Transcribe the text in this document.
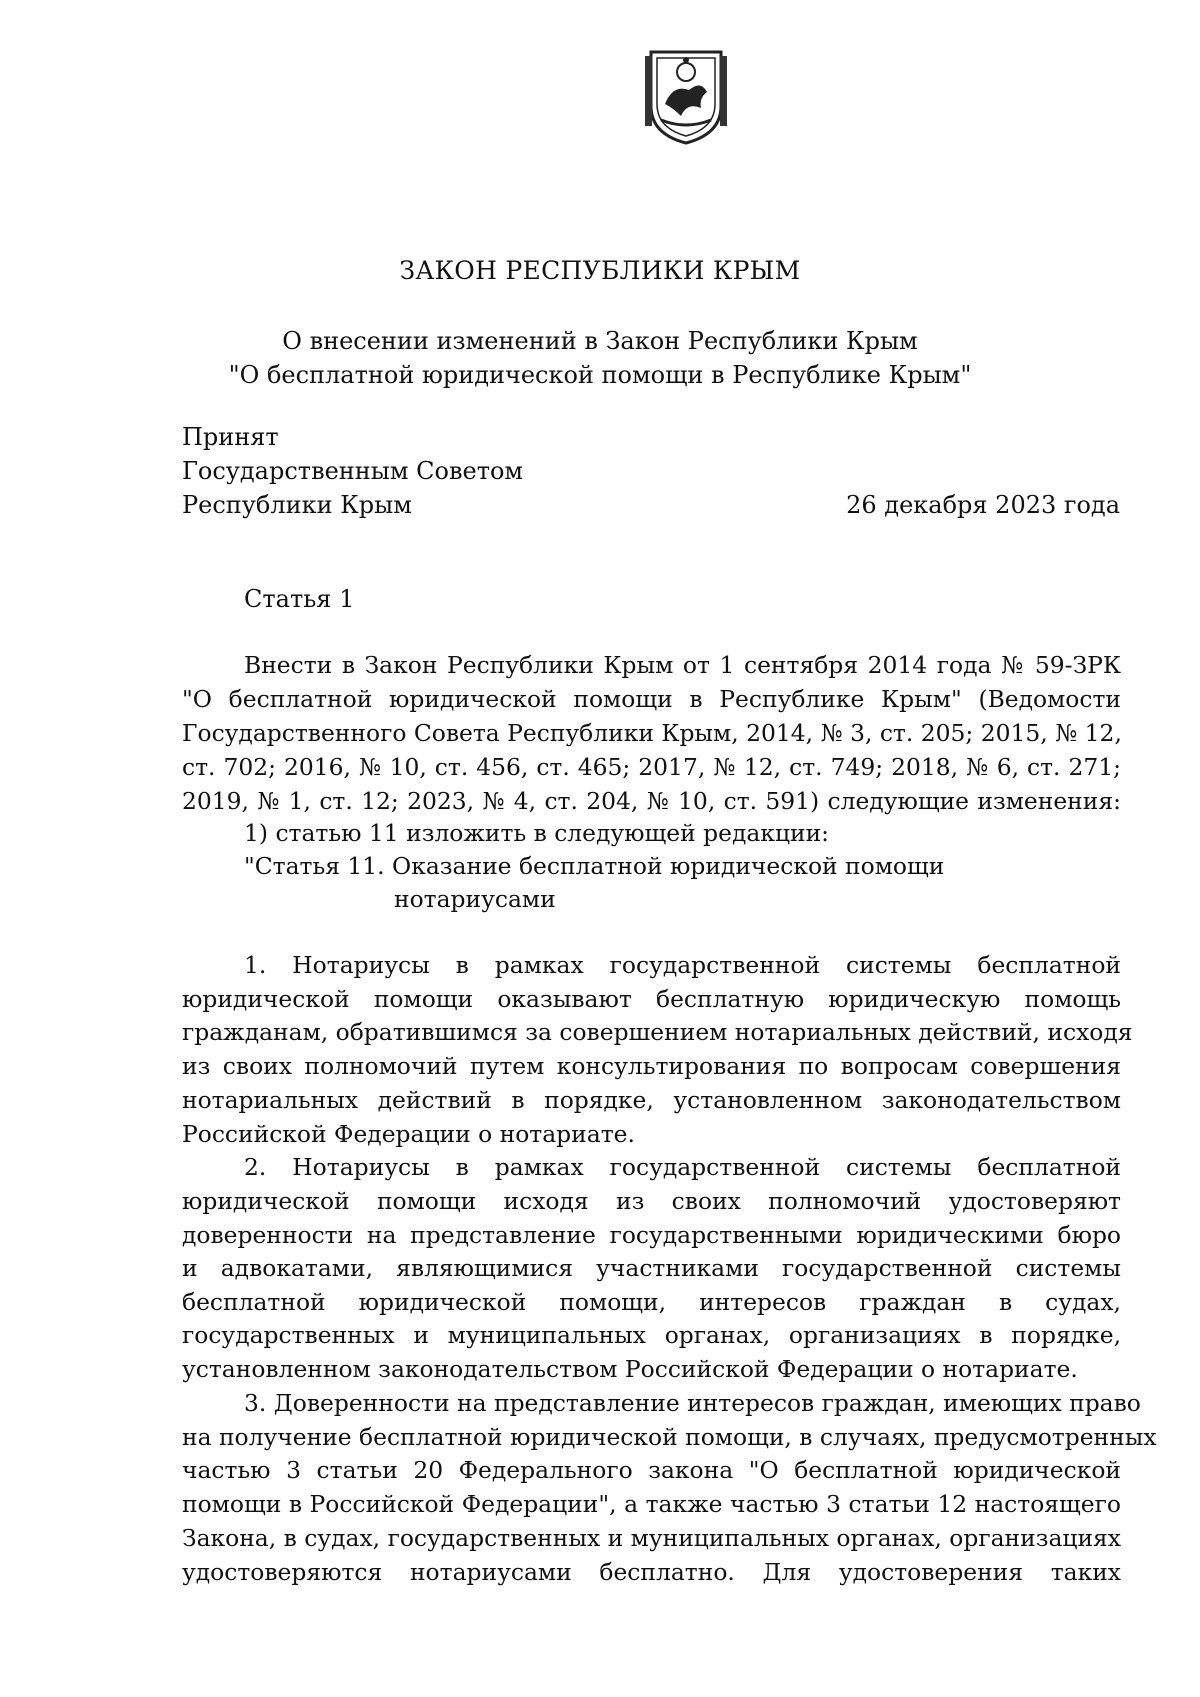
ЗАКОН РЕСПУБЛИКИ КРЫМ
О внесении изменений в Закон Республики Крым
"О бесплатной юридической помощи в Республике Крым"
Принят
Государственным Советом
Республики Крым	26 декабря 2023 года
Статья 1
Внести в Закон Республики Крым от 1 сентября 2014 года № 59-ЗРК
"О бесплатной юридической помощи в Республике Крым" (Ведомости
Государственного Совета Республики Крым, 2014, № 3, ст. 205; 2015, № 12,
ст. 702; 2016, № 10, ст. 456, ст. 465; 2017, № 12, ст. 749; 2018, № 6, ст. 271;
2019, № 1, ст. 12; 2023, № 4, ст. 204, № 10, ст. 591) следующие изменения:
1) статью 11 изложить в следующей редакции:
"Статья 11. Оказание бесплатной юридической помощи
нотариусами
1. Нотариусы в рамках государственной системы бесплатной
юридической помощи оказывают бесплатную юридическую помощь
гражданам, обратившимся за совершением нотариальных действий, исходя
из своих полномочий путем консультирования по вопросам совершения
нотариальных действий в порядке, установленном законодательством
Российской Федерации о нотариате.
2. Нотариусы в рамках государственной системы бесплатной
юридической помощи исходя из своих полномочий удостоверяют
доверенности на представление государственными юридическими бюро
и адвокатами, являющимися участниками государственной системы
бесплатной юридической помощи, интересов граждан в судах,
государственных и муниципальных органах, организациях в порядке,
установленном законодательством Российской Федерации о нотариате.
3. Доверенности на представление интересов граждан, имеющих право
на получение бесплатной юридической помощи, в случаях, предусмотренных
частью 3 статьи 20 Федерального закона "О бесплатной юридической
помощи в Российской Федерации", а также частью 3 статьи 12 настоящего
Закона, в судах, государственных и муниципальных органах, организациях
удостоверяются нотариусами бесплатно. Для удостоверения таких
